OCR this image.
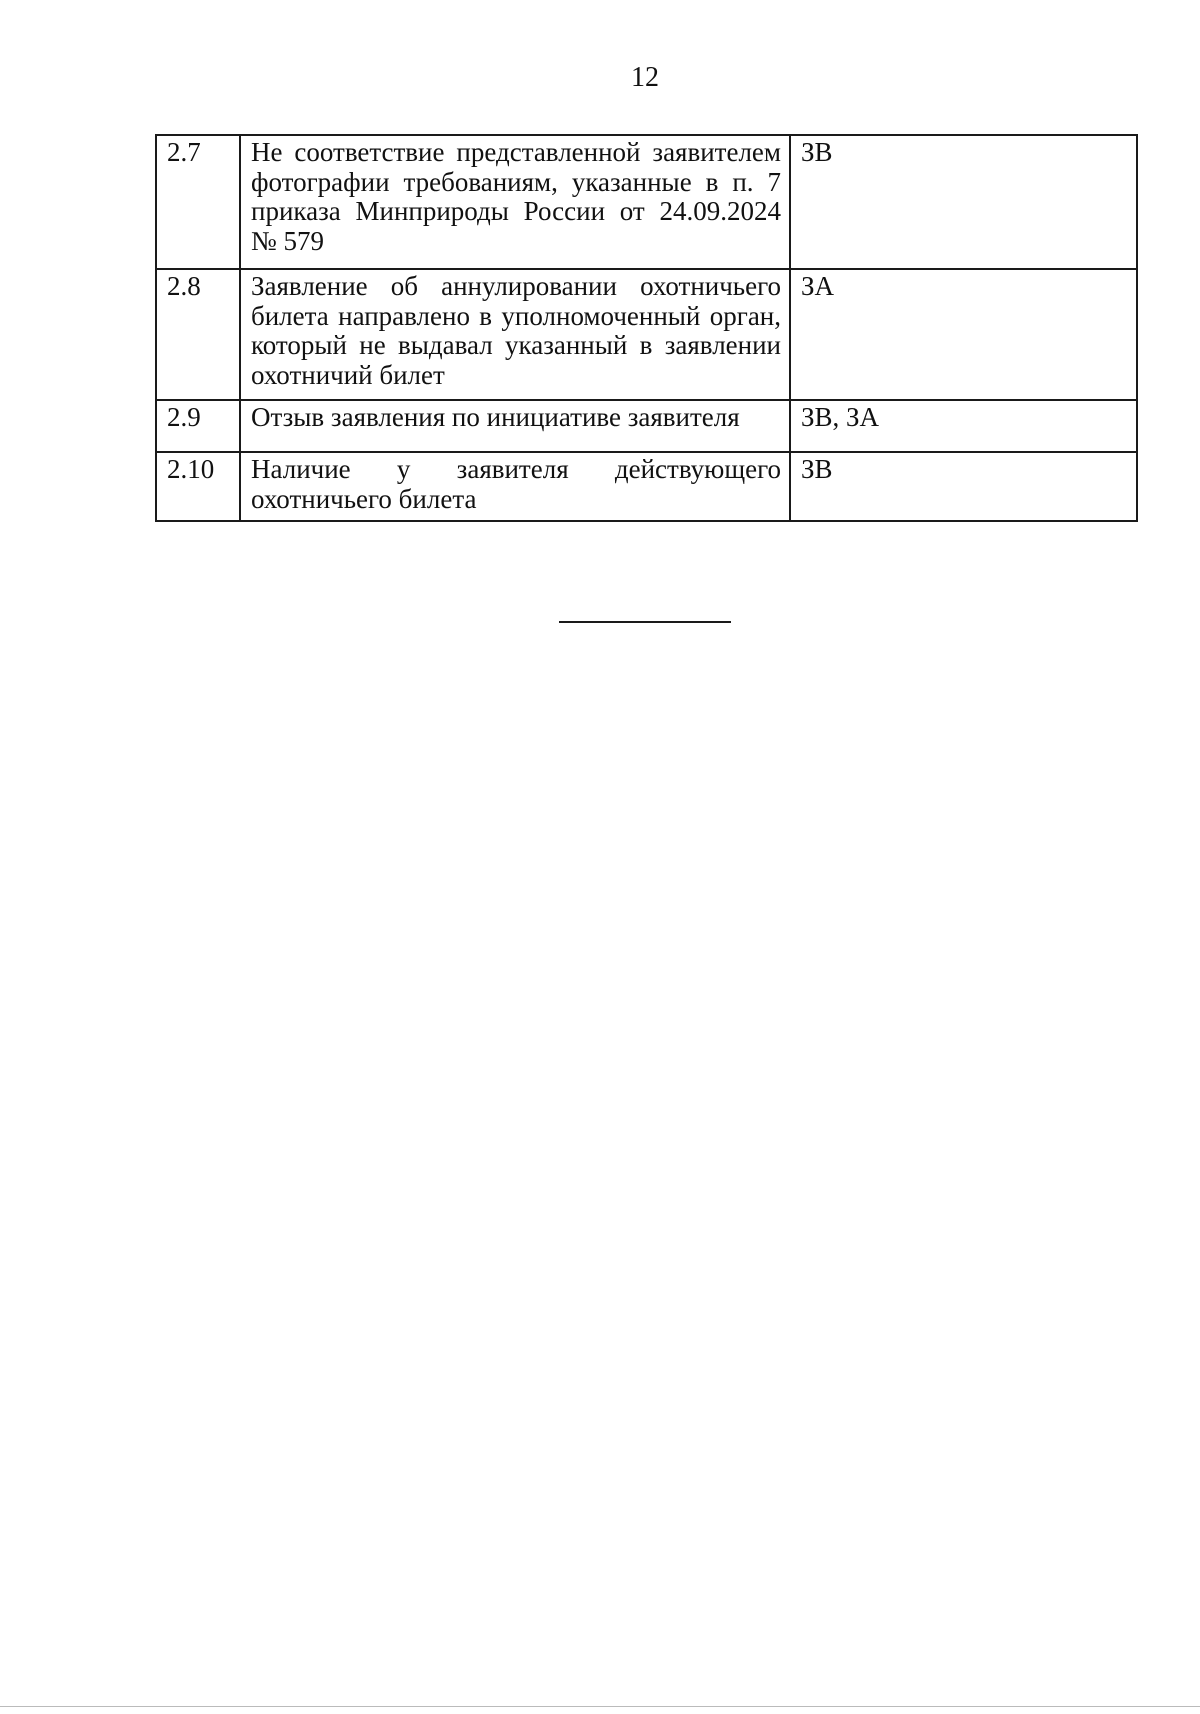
12
2.7	Не соответствие представленной заявителем фотографии требованиям, указанные в п. 7 приказа Минприроды России от 24.09.2024 № 579	ЗВ
2.8	Заявление об аннулировании охотничьего билета направлено в уполномоченный орган, который не выдавал указанный в заявлении охотничий билет	ЗА
2.9	Отзыв заявления по инициативе заявителя	ЗВ, ЗА
2.10	Наличие у заявителя действующего охотничьего билета	ЗВ
